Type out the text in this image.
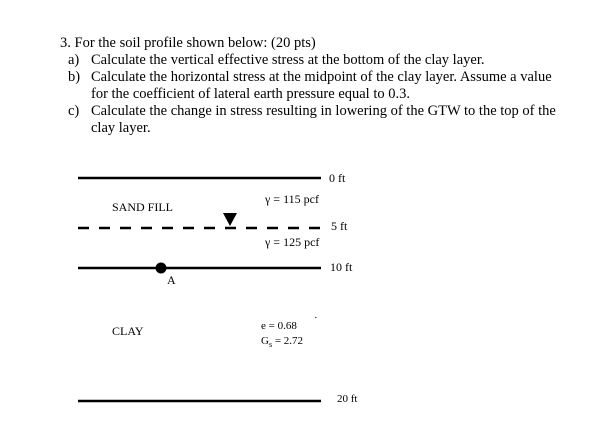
3. For the soil profile shown below: (20 pts)
a) Calculate the vertical effective stress at the bottom of the clay layer.
b) Calculate the horizontal stress at the midpoint of the clay layer. Assume a value
for the coefficient of lateral earth pressure equal to 0.3.
c) Calculate the change in stress resulting in lowering of the GTW to the top of the
clay layer.
0 ft
SAND FILL
γ = 115 pcf
5 ft
γ = 125 pcf
10 ft
A
CLAY	e = 0.68
·
$G_s = 2.72$
20 ft
